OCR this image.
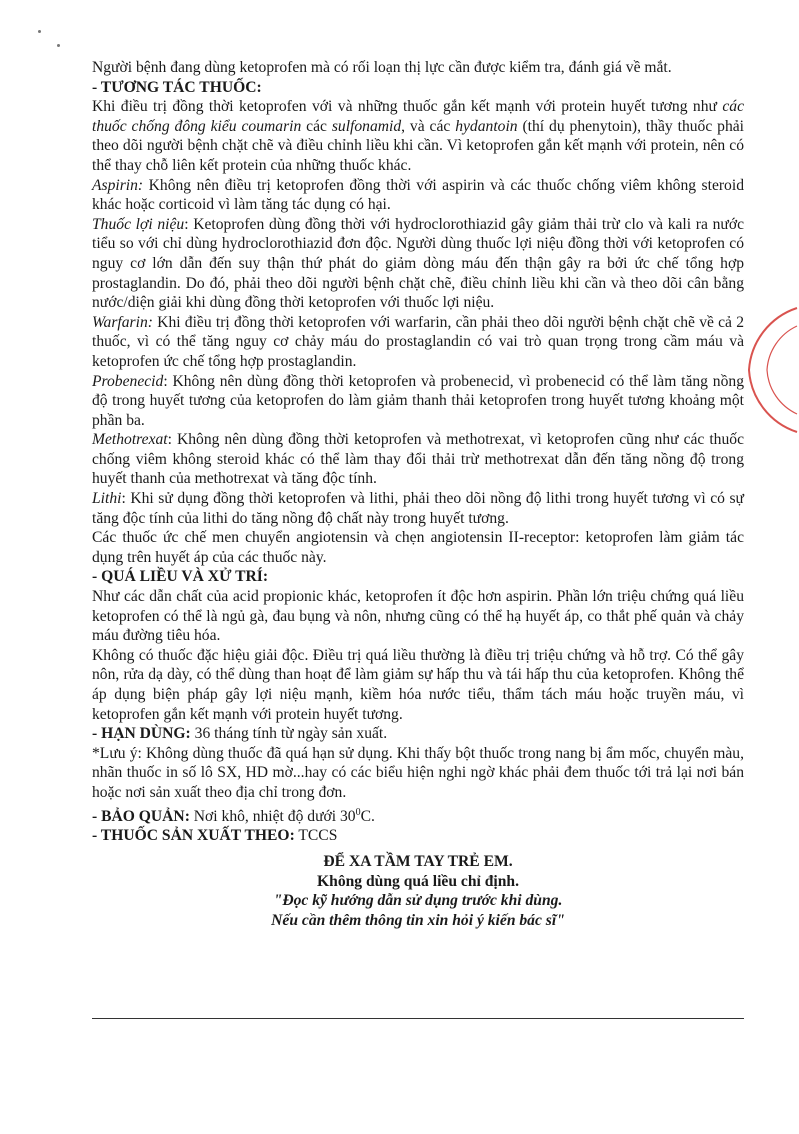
Người bệnh đang dùng ketoprofen mà có rối loạn thị lực cần được kiểm tra, đánh giá về mắt.

- TƯƠNG TÁC THUỐC:

Khi điều trị đồng thời ketoprofen với và những thuốc gắn kết mạnh với protein huyết tương như các thuốc chống đông kiểu coumarin các sulfonamid, và các hydantoin (thí dụ phenytoin), thầy thuốc phải theo dõi người bệnh chặt chẽ và điều chỉnh liều khi cần. Vì ketoprofen gắn kết mạnh với protein, nên có thể thay chỗ liên kết protein của những thuốc khác.

Aspirin: Không nên điều trị ketoprofen đồng thời với aspirin và các thuốc chống viêm không steroid khác hoặc corticoid vì làm tăng tác dụng có hại.

Thuốc lợi niệu: Ketoprofen dùng đồng thời với hydroclorothiazid gây giảm thải trừ clo và kali ra nước tiểu so với chỉ dùng hydroclorothiazid đơn độc. Người dùng thuốc lợi niệu đồng thời với ketoprofen có nguy cơ lớn dẫn đến suy thận thứ phát do giảm dòng máu đến thận gây ra bởi ức chế tổng hợp prostaglandin. Do đó, phải theo dõi người bệnh chặt chẽ, điều chỉnh liều khi cần và theo dõi cân bằng nước/diện giải khi dùng đồng thời ketoprofen với thuốc lợi niệu.

Warfarin: Khi điều trị đồng thời ketoprofen với warfarin, cần phải theo dõi người bệnh chặt chẽ về cả 2 thuốc, vì có thể tăng nguy cơ chảy máu do prostaglandin có vai trò quan trọng trong cầm máu và ketoprofen ức chế tổng hợp prostaglandin.

Probenecid: Không nên dùng đồng thời ketoprofen và probenecid, vì probenecid có thể làm tăng nồng độ trong huyết tương của ketoprofen do làm giảm thanh thải ketoprofen trong huyết tương khoảng một phần ba.

Methotrexat: Không nên dùng đồng thời ketoprofen và methotrexat, vì ketoprofen cũng như các thuốc chống viêm không steroid khác có thể làm thay đổi thải trừ methotrexat dẫn đến tăng nồng độ trong huyết thanh của methotrexat và tăng độc tính.

Lithi: Khi sử dụng đồng thời ketoprofen và lithi, phải theo dõi nồng độ lithi trong huyết tương vì có sự tăng độc tính của lithi do tăng nồng độ chất này trong huyết tương.

Các thuốc ức chế men chuyển angiotensin và chẹn angiotensin II-receptor: ketoprofen làm giảm tác dụng trên huyết áp của các thuốc này.

- QUÁ LIỀU VÀ XỬ TRÍ:

Như các dẫn chất của acid propionic khác, ketoprofen ít độc hơn aspirin. Phần lớn triệu chứng quá liều ketoprofen có thể là ngủ gà, đau bụng và nôn, nhưng cũng có thể hạ huyết áp, co thắt phế quản và chảy máu đường tiêu hóa.

Không có thuốc đặc hiệu giải độc. Điều trị quá liều thường là điều trị triệu chứng và hỗ trợ. Có thể gây nôn, rửa dạ dày, có thể dùng than hoạt để làm giảm sự hấp thu và tái hấp thu của ketoprofen. Không thể áp dụng biện pháp gây lợi niệu mạnh, kiềm hóa nước tiểu, thẩm tách máu hoặc truyền máu, vì ketoprofen gắn kết mạnh với protein huyết tương.

- HẠN DÙNG: 36 tháng tính từ ngày sản xuất.

*Lưu ý: Không dùng thuốc đã quá hạn sử dụng. Khi thấy bột thuốc trong nang bị ẩm mốc, chuyển màu, nhãn thuốc in số lô SX, HD mờ...hay có các biểu hiện nghi ngờ khác phải đem thuốc tới trả lại nơi bán hoặc nơi sản xuất theo địa chỉ trong đơn.

- BẢO QUẢN: Nơi khô, nhiệt độ dưới $30^0C$.

- THUỐC SẢN XUẤT THEO: TCCS

ĐỂ XA TẦM TAY TRẺ EM.
Không dùng quá liều chỉ định.
"Đọc kỹ hướng dẫn sử dụng trước khi dùng.
Nếu cần thêm thông tin xin hỏi ý kiến bác sĩ"
